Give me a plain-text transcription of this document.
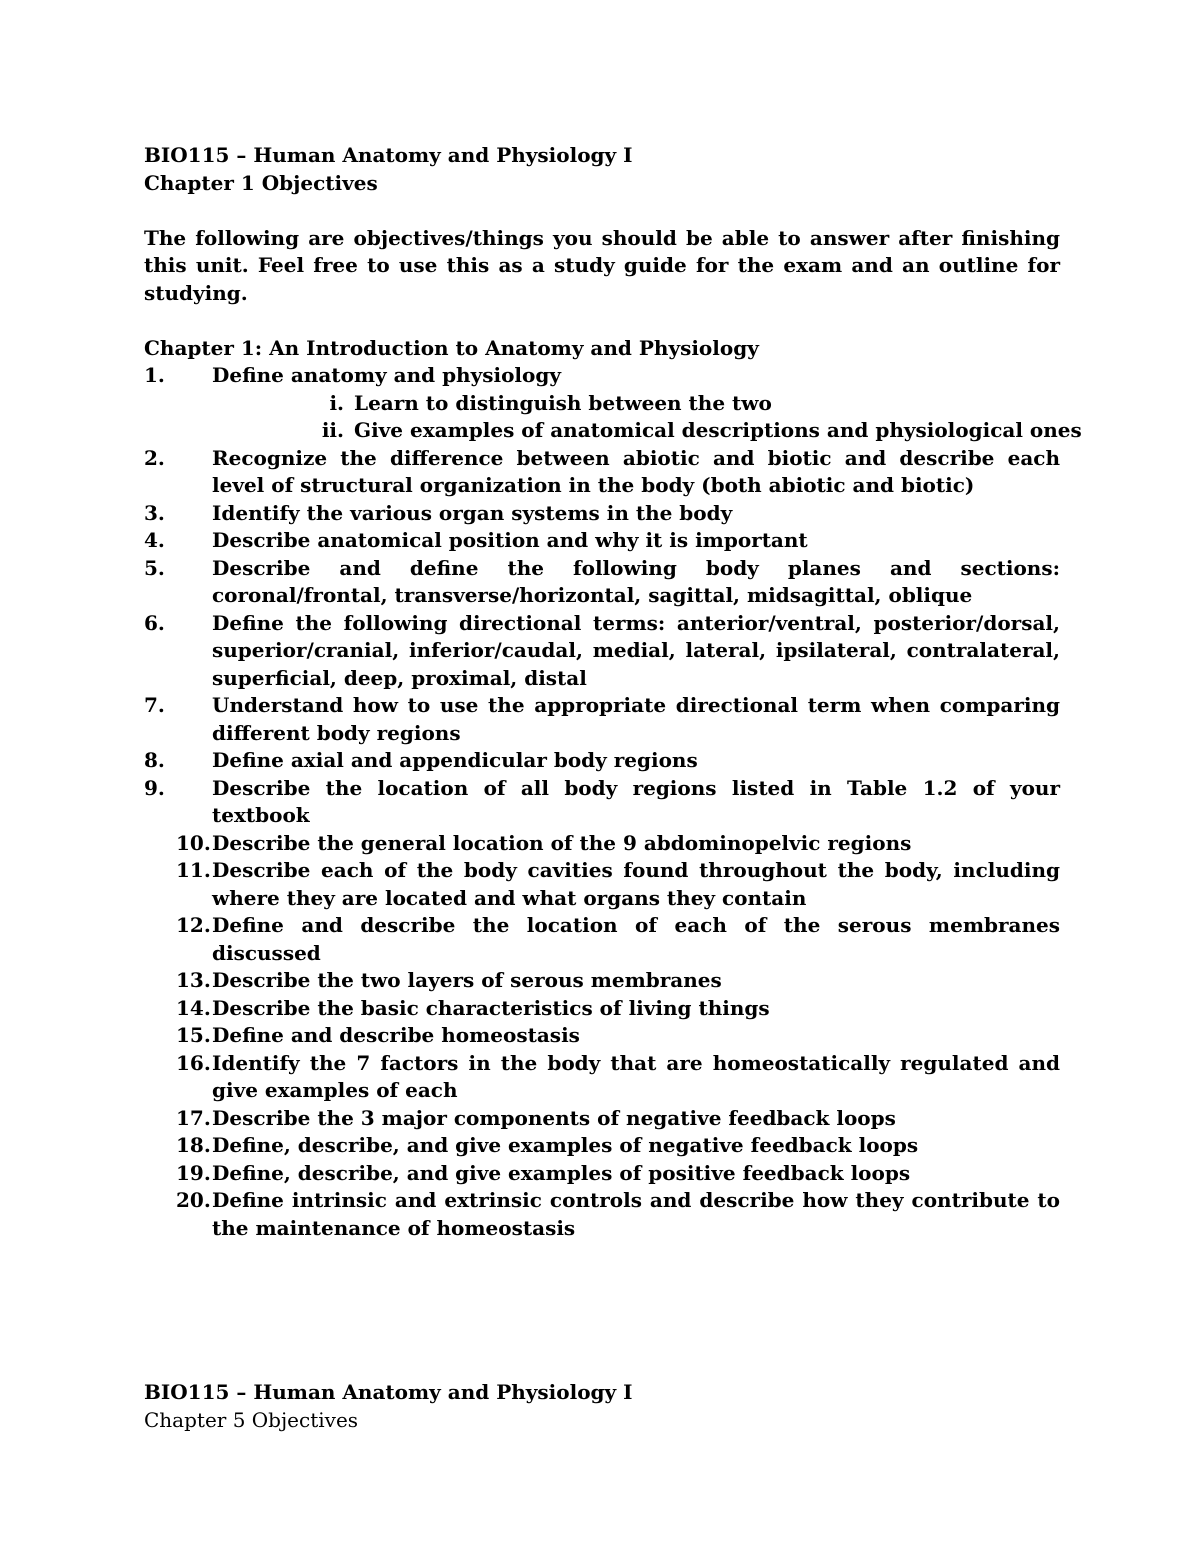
BIO115 – Human Anatomy and Physiology I
Chapter 1 Objectives
The following are objectives/things you should be able to answer after finishing this unit. Feel free to use this as a study guide for the exam and an outline for studying.
Chapter 1: An Introduction to Anatomy and Physiology
1.	Define anatomy and physiology
i. Learn to distinguish between the two
ii. Give examples of anatomical descriptions and physiological ones
2.	Recognize the difference between abiotic and biotic and describe each level of structural organization in the body (both abiotic and biotic)
3.	Identify the various organ systems in the body
4.	Describe anatomical position and why it is important
5.	Describe and define the following body planes and sections: coronal/frontal, transverse/horizontal, sagittal, midsagittal, oblique
6.	Define the following directional terms: anterior/ventral, posterior/dorsal, superior/cranial, inferior/caudal, medial, lateral, ipsilateral, contralateral, superficial, deep, proximal, distal
7.	Understand how to use the appropriate directional term when comparing different body regions
8.	Define axial and appendicular body regions
9.	Describe the location of all body regions listed in Table 1.2 of your textbook
10. Describe the general location of the 9 abdominopelvic regions
11. Describe each of the body cavities found throughout the body, including where they are located and what organs they contain
12. Define and describe the location of each of the serous membranes discussed
13. Describe the two layers of serous membranes
14. Describe the basic characteristics of living things
15. Define and describe homeostasis
16. Identify the 7 factors in the body that are homeostatically regulated and give examples of each
17. Describe the 3 major components of negative feedback loops
18. Define, describe, and give examples of negative feedback loops
19. Define, describe, and give examples of positive feedback loops
20. Define intrinsic and extrinsic controls and describe how they contribute to the maintenance of homeostasis
BIO115 – Human Anatomy and Physiology I
Chapter 5 Objectives
